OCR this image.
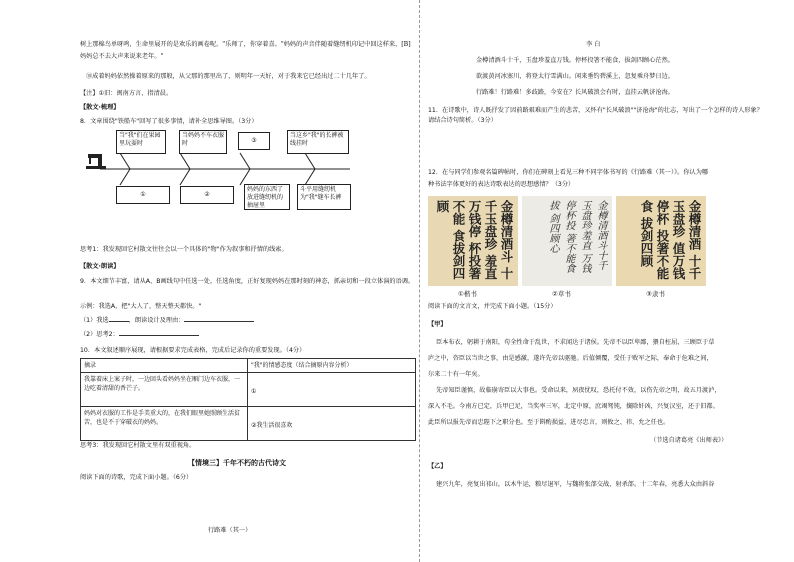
树上那棉鸟单呀鸣，生命里展开的是欢乐的画卷呢。"乐师了，你穿着喜。"妈妈的声音伴随着缝纫机印记中回这样来，[B]
妈妈总不去大声来说来老年。"
⑱成着妈妈依然操着原来的那般，从父那的那里出了，则明年一天好，对于我来它已经出过二十几年了。
【注】①旧：闽南方言，指清晨。
【散文·梳理】
8．文章围绕"铁船车"回写了很多事情，请补全思维导图。（3分）
思考1：我发现回它村散文往往会以一个具体的"物"作为叙事和抒情的线索。
【散文·朗读】
9．本文细节丰富，请从A、B画线句中任选一处，任选角度，正好复现妈妈在那时刻的神态，抓亲切和一段立体演的语调。
示例：我选A，把"大人了，整天整天都快。"
（1）我选	，朗读设计及理由：
（2）思考2：
10．本文叙述顺序展现，请根据要求完成表格，完成后记录你的重要发现。（4分）
思考3：我发现回它村散文里有双重视角。
【情境三】千年不朽的古代诗文
阅读下面的诗歌，完成下面小题。（6分）
行路难（其一）
当"我"们在果园里玩耍时
当妈妈不车衣服时	③
当这乡"我"的长裤被线挂时
①	②
妈妈的东西了放进缝纫机的抽屉里
斗平用缝纫机为"我"缝车长裤
摘录	"我"的情感态度（结合摘原内容分析）
我靠着床上案子时，一边回头看妈妈坐在厢门边车衣服，一边吃着清甜的香芒子。	①

妈妈对衣服的工作是手美重大的，在我们眼里她照顾生活贫苦，也是不于穿破衣的妈妈。	②我生活很喜欢
李 白
金樽清酒斗十千，玉盘珍羞直万钱。停杯投箸不能食，拔剑四顾心茫然。
欲渡黄河冰塞川，将登太行雪满山。闲来垂钓碧溪上，忽复乘舟梦日边。
行路难！行路难！多歧路，今安在？长风破浪会有时，直挂云帆济沧海。
11．在诗歌中，诗人既抒发了因前路艰难而产生的悲苦，又怀有"长风破浪""济沧海"的壮志，写出了一个怎样的诗人形象？请结合诗句简析。（3分）
12．在与同学们参观名篇碑帖时，你们在碑刻上看见三种不同字体书写的《行路难（其一）》。你认为哪
种书法字体更好的表达诗歌表达的思想感情？（3分）
阅读下面的文言文，并完成下面小题。（15分）
【甲】
臣本布衣，躬耕于南阳，苟全性命于乱世，不求闻达于诸侯。先帝不以臣卑鄙，猥自枉屈，三顾臣于草
庐之中，咨臣以当世之事，由是感激，遂许先帝以驱驰。后值倾覆，受任于败军之际，奉命于危难之间，
尔来二十有一年矣。
先帝知臣谨慎，故临崩寄臣以大事也。受命以来，夙夜忧叹，恐托付不效，以伤先帝之明，故五月渡泸，
深入不毛。今南方已定，兵甲已足，当奖率三军，北定中原，庶竭驽钝，攘除奸凶，兴复汉室，还于旧都。
此臣所以报先帝而忠陛下之职分也。至于斟酌损益，进尽忠言，则攸之、祎、允之任也。
（节选自诸葛亮《出师表》）
【乙】
建兴九年，亮复出祁山，以木牛运，粮尽退军，与魏将张郃交战，射杀郃。十二年春，亮悉大众由斜谷
金樽清酒斗 十千玉盘珍 羞直万钱停 杯投箸不能 食拔剑四顾	金樽清酒斗十千 玉盘珍羞直 万钱停杯投 箸不能食拔 剑四顾心	金樽清酒 十千玉盘珍 值万钱停杯 投箸不能食 拔剑四顾
①楷书	②草书	③隶书
